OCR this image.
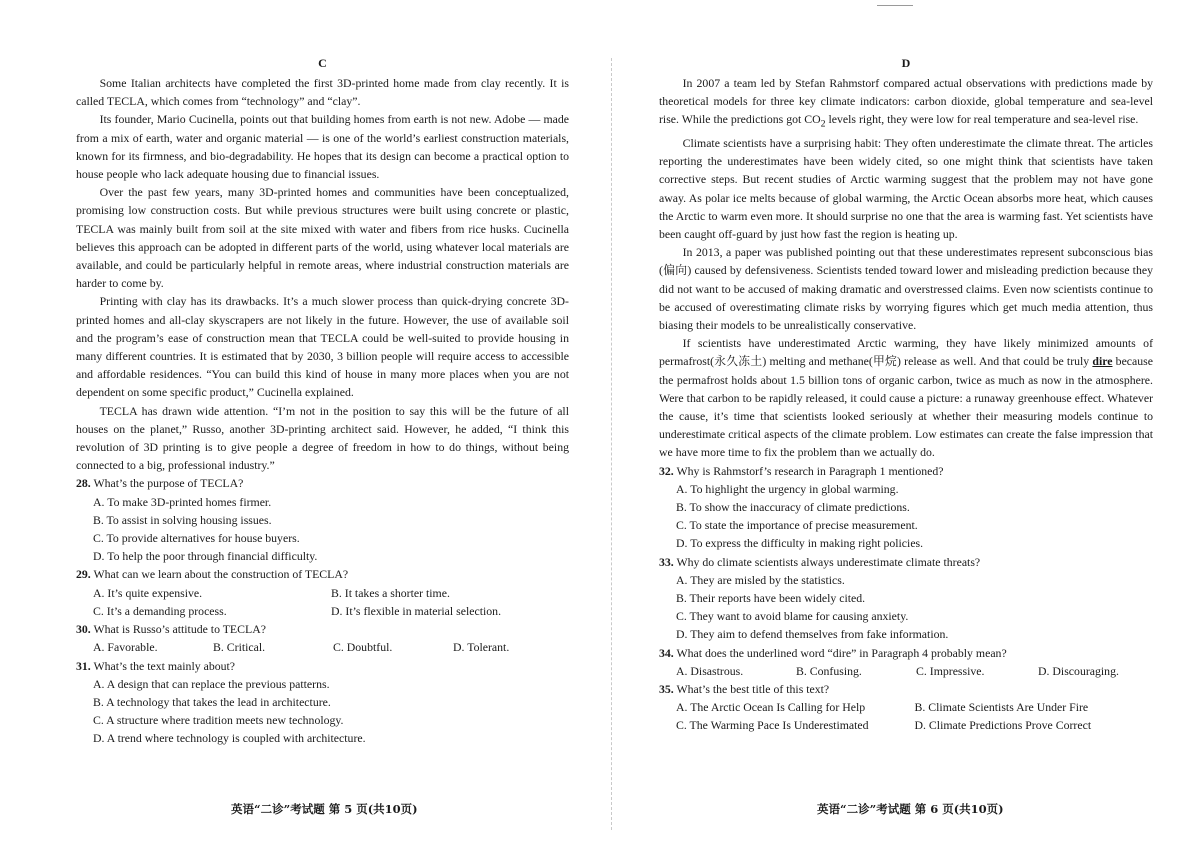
C

Some Italian architects have completed the first 3D-printed home made from clay recently. It is called TECLA, which comes from “technology” and “clay”.

Its founder, Mario Cucinella, points out that building homes from earth is not new. Adobe — made from a mix of earth, water and organic material — is one of the world’s earliest construction materials, known for its firmness, and bio-degradability. He hopes that its design can become a practical option to house people who lack adequate housing due to financial issues.

Over the past few years, many 3D-printed homes and communities have been conceptualized, promising low construction costs. But while previous structures were built using concrete or plastic, TECLA was mainly built from soil at the site mixed with water and fibers from rice husks. Cucinella believes this approach can be adopted in different parts of the world, using whatever local materials are available, and could be particularly helpful in remote areas, where industrial construction materials are harder to come by.

Printing with clay has its drawbacks. It’s a much slower process than quick-drying concrete 3D-printed homes and all-clay skyscrapers are not likely in the future. However, the use of available soil and the program’s ease of construction mean that TECLA could be well-suited to provide housing in many different countries. It is estimated that by 2030, 3 billion people will require access to accessible and affordable residences. “You can build this kind of house in many more places when you are not dependent on some specific product,” Cucinella explained.

TECLA has drawn wide attention. “I’m not in the position to say this will be the future of all houses on the planet,” Russo, another 3D-printing architect said. However, he added, “I think this revolution of 3D printing is to give people a degree of freedom in how to do things, without being connected to a big, professional industry.”

28. What’s the purpose of TECLA?
A. To make 3D-printed homes firmer.
B. To assist in solving housing issues.
C. To provide alternatives for house buyers.
D. To help the poor through financial difficulty.
29. What can we learn about the construction of TECLA?
A. It’s quite expensive.	B. It takes a shorter time.
C. It’s a demanding process.	D. It’s flexible in material selection.
30. What is Russo’s attitude to TECLA?
A. Favorable.	B. Critical.	C. Doubtful.	D. Tolerant.
31. What’s the text mainly about?
A. A design that can replace the previous patterns.
B. A technology that takes the lead in architecture.
C. A structure where tradition meets new technology.
D. A trend where technology is coupled with architecture.
英语“二诊”考试题 第 5 页(共10页)
D

In 2007 a team led by Stefan Rahmstorf compared actual observations with predictions made by theoretical models for three key climate indicators: carbon dioxide, global temperature and sea-level rise. While the predictions got $CO_2$ levels right, they were low for real temperature and sea-level rise.

Climate scientists have a surprising habit: They often underestimate the climate threat. The articles reporting the underestimates have been widely cited, so one might think that scientists have taken corrective steps. But recent studies of Arctic warming suggest that the problem may not have gone away. As polar ice melts because of global warming, the Arctic Ocean absorbs more heat, which causes the Arctic to warm even more. It should surprise no one that the area is warming fast. Yet scientists have been caught off-guard by just how fast the region is heating up.

In 2013, a paper was published pointing out that these underestimates represent subconscious bias (偏向) caused by defensiveness. Scientists tended toward lower and misleading prediction because they did not want to be accused of making dramatic and overstressed claims. Even now scientists continue to be accused of overestimating climate risks by worrying figures which get much media attention, thus biasing their models to be unrealistically conservative.

If scientists have underestimated Arctic warming, they have likely minimized amounts of permafrost(永久冻土) melting and methane(甲烷) release as well. And that could be truly dire because the permafrost holds about 1.5 billion tons of organic carbon, twice as much as now in the atmosphere. Were that carbon to be rapidly released, it could cause a picture: a runaway greenhouse effect. Whatever the cause, it’s time that scientists looked seriously at whether their measuring models continue to underestimate critical aspects of the climate problem. Low estimates can create the false impression that we have more time to fix the problem than we actually do.

32. Why is Rahmstorf’s research in Paragraph 1 mentioned?
A. To highlight the urgency in global warming.
B. To show the inaccuracy of climate predictions.
C. To state the importance of precise measurement.
D. To express the difficulty in making right policies.
33. Why do climate scientists always underestimate climate threats?
A. They are misled by the statistics.
B. Their reports have been widely cited.
C. They want to avoid blame for causing anxiety.
D. They aim to defend themselves from fake information.
34. What does the underlined word “dire” in Paragraph 4 probably mean?
A. Disastrous.	B. Confusing.	C. Impressive.	D. Discouraging.
35. What’s the best title of this text?
A. The Arctic Ocean Is Calling for Help	B. Climate Scientists Are Under Fire
C. The Warming Pace Is Underestimated	D. Climate Predictions Prove Correct
英语“二诊”考试题 第 6 页(共10页)
